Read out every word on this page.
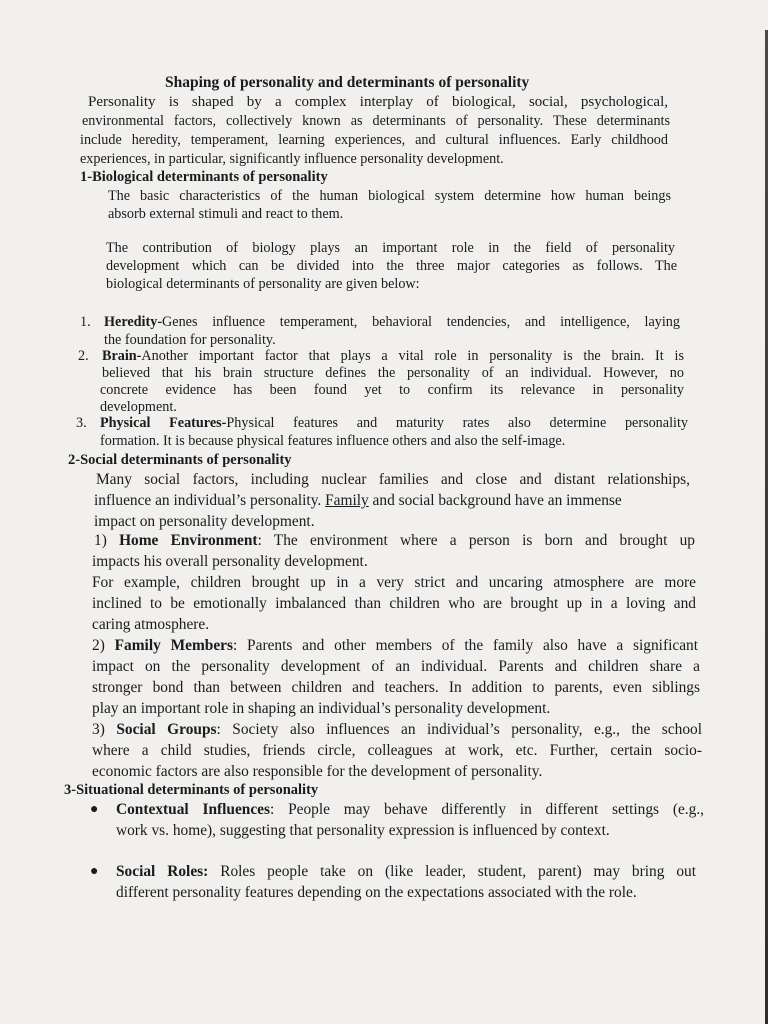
Shaping of personality and determinants of personality
Personality is shaped by a complex interplay of biological, social, psychological,
environmental factors, collectively known as determinants of personality. These determinants
include heredity, temperament, learning experiences, and cultural influences. Early childhood
experiences, in particular, significantly influence personality development.
1-Biological determinants of personality
The basic characteristics of the human biological system determine how human beings
absorb external stimuli and react to them.
The contribution of biology plays an important role in the field of personality
development which can be divided into the three major categories as follows. The
biological determinants of personality are given below:
1. Heredity-Genes influence temperament, behavioral tendencies, and intelligence, laying
the foundation for personality.
2. Brain-Another important factor that plays a vital role in personality is the brain. It is
believed that his brain structure defines the personality of an individual. However, no
concrete evidence has been found yet to confirm its relevance in personality
development.
3. Physical Features-Physical features and maturity rates also determine personality
formation. It is because physical features influence others and also the self-image.
2-Social determinants of personality
Many social factors, including nuclear families and close and distant relationships,
influence an individual’s personality. Family and social background have an immense
impact on personality development.
1) Home Environment: The environment where a person is born and brought up
impacts his overall personality development.
For example, children brought up in a very strict and uncaring atmosphere are more
inclined to be emotionally imbalanced than children who are brought up in a loving and
caring atmosphere.
2) Family Members: Parents and other members of the family also have a significant
impact on the personality development of an individual. Parents and children share a
stronger bond than between children and teachers. In addition to parents, even siblings
play an important role in shaping an individual’s personality development.
3) Social Groups: Society also influences an individual’s personality, e.g., the school
where a child studies, friends circle, colleagues at work, etc. Further, certain socio-
economic factors are also responsible for the development of personality.
3-Situational determinants of personality
● Contextual Influences: People may behave differently in different settings (e.g.,
work vs. home), suggesting that personality expression is influenced by context.
● Social Roles: Roles people take on (like leader, student, parent) may bring out
different personality features depending on the expectations associated with the role.
